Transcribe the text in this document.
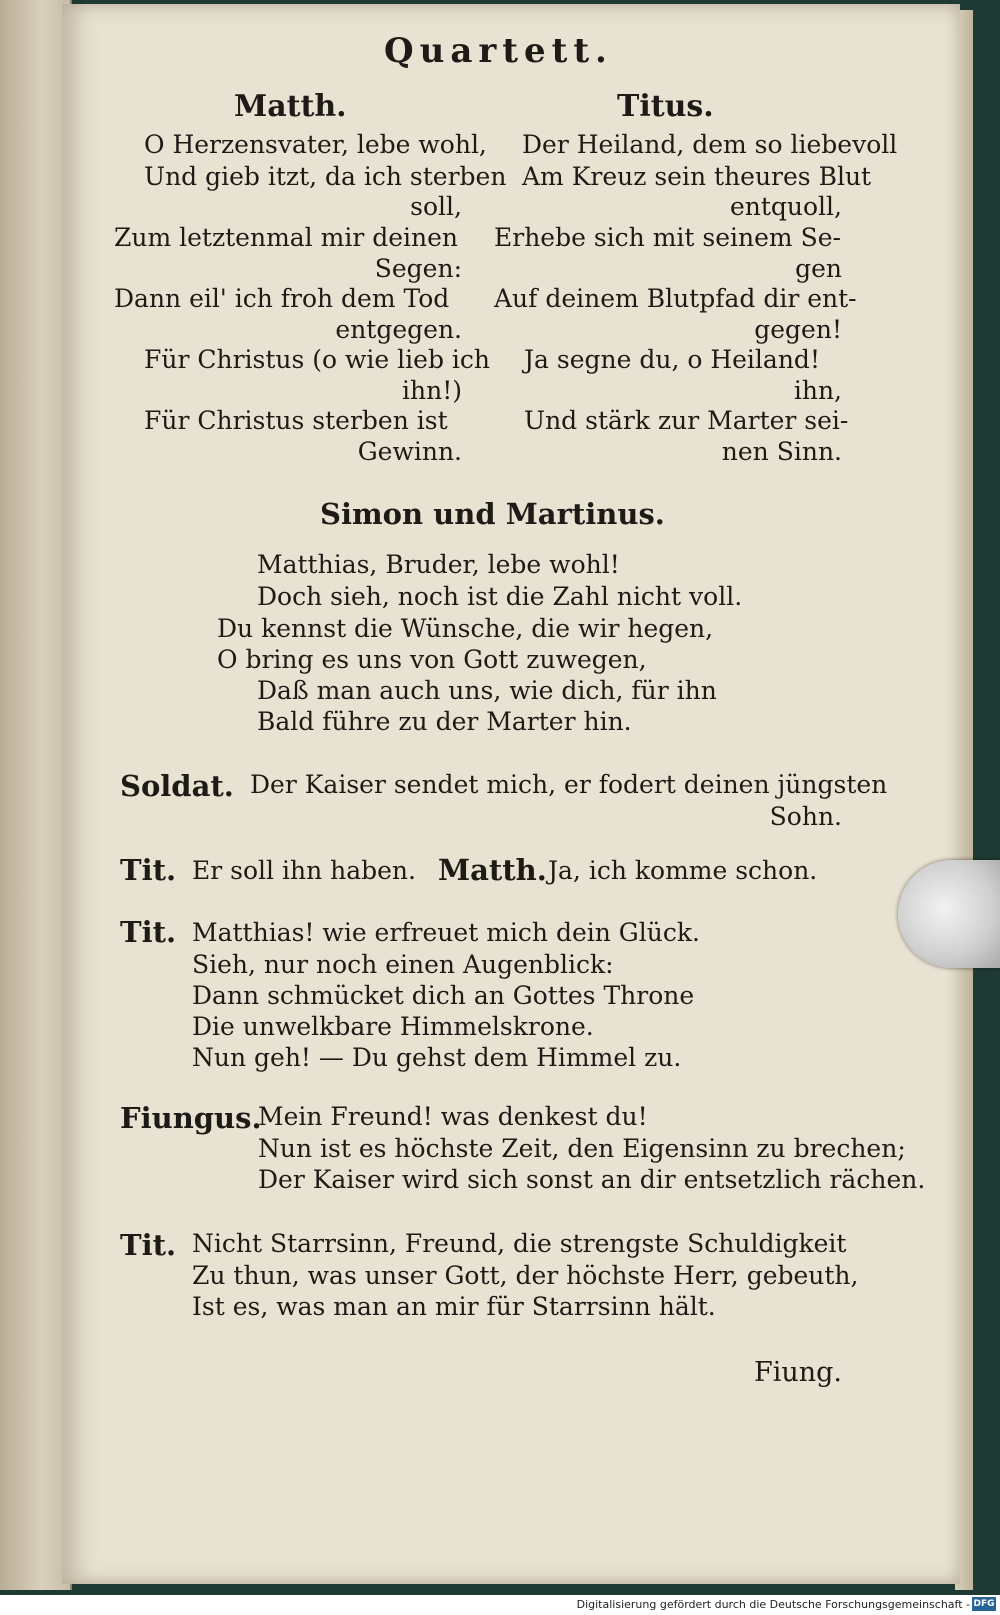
Quartett.
Matth.	Titus.
O Herzensvater, lebe wohl,
Und gieb itzt, da ich sterben
soll,
Zum letztenmal mir deinen
Segen:
Dann eil' ich froh dem Tod
entgegen.
Für Christus (o wie lieb ich
ihn!)
Für Christus sterben ist
Gewinn.
Der Heiland, dem so liebevoll
Am Kreuz sein theures Blut
entquoll,
Erhebe sich mit seinem Se-
gen
Auf deinem Blutpfad dir ent-
gegen!
Ja segne du, o Heiland!
ihn,
Und stärk zur Marter sei-
nen Sinn.
Simon und Martinus.
Matthias, Bruder, lebe wohl!
Doch sieh, noch ist die Zahl nicht voll.
Du kennst die Wünsche, die wir hegen,
O bring es uns von Gott zuwegen,
Daß man auch uns, wie dich, für ihn
Bald führe zu der Marter hin.
Soldat. Der Kaiser sendet mich, er fodert deinen jüngsten
Sohn.
Tit. Er soll ihn haben. Matth. Ja, ich komme schon.
Tit. Matthias! wie erfreuet mich dein Glück.
Sieh, nur noch einen Augenblick:
Dann schmücket dich an Gottes Throne
Die unwelkbare Himmelskrone.
Nun geh! — Du gehst dem Himmel zu.
Fiungus.
Mein Freund! was denkest du!
Nun ist es höchste Zeit, den Eigensinn zu brechen;
Der Kaiser wird sich sonst an dir entsetzlich rächen.
Tit. Nicht Starrsinn, Freund, die strengste Schuldigkeit
Zu thun, was unser Gott, der höchste Herr, gebeuth,
Ist es, was man an mir für Starrsinn hält.
Fiung.
Digitalisierung gefördert durch die Deutsche Forschungsgemeinschaft - DFG
